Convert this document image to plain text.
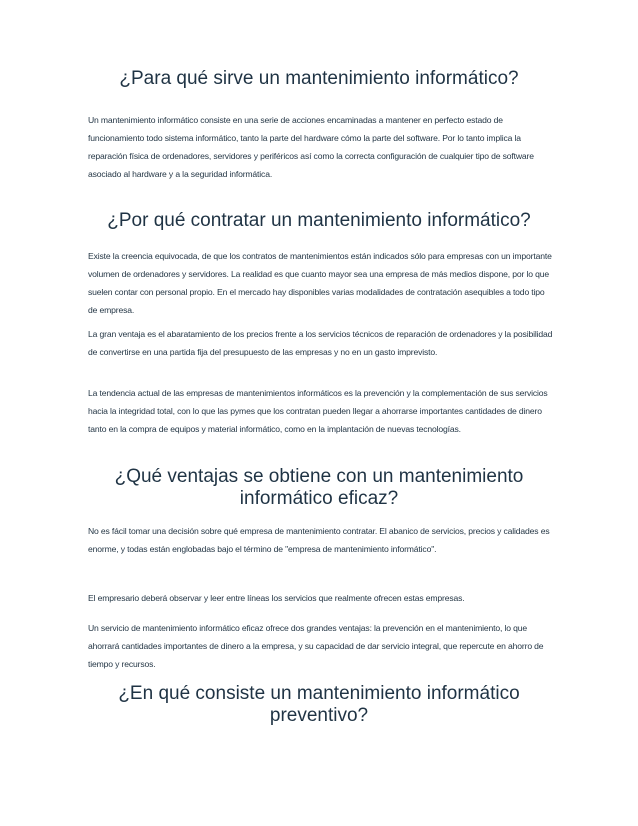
¿Para qué sirve un mantenimiento informático?

Un mantenimiento informático consiste en una serie de acciones encaminadas a mantener en perfecto estado de funcionamiento todo sistema informático, tanto la parte del hardware cómo la parte del software. Por lo tanto implica la reparación física de ordenadores, servidores y periféricos así como la correcta configuración de cualquier tipo de software asociado al hardware y a la seguridad informática.

¿Por qué contratar un mantenimiento informático?

Existe la creencia equivocada, de que los contratos de mantenimientos están indicados sólo para empresas con un importante volumen de ordenadores y servidores. La realidad es que cuanto mayor sea una empresa de más medios dispone, por lo que suelen contar con personal propio. En el mercado hay disponibles varias modalidades de contratación asequibles a todo tipo de empresa.

La gran ventaja es el abaratamiento de los precios frente a los servicios técnicos de reparación de ordenadores y la posibilidad de convertirse en una partida fija del presupuesto de las empresas y no en un gasto imprevisto.

La tendencia actual de las empresas de mantenimientos informáticos es la prevención y la complementación de sus servicios hacia la integridad total, con lo que las pymes que los contratan pueden llegar a ahorrarse importantes cantidades de dinero tanto en la compra de equipos y material informático, como en la implantación de nuevas tecnologías.

¿Qué ventajas se obtiene con un mantenimiento informático eficaz?

No es fácil tomar una decisión sobre qué empresa de mantenimiento contratar. El abanico de servicios, precios y calidades es enorme, y todas están englobadas bajo el término de "empresa de mantenimiento informático".

El empresario deberá observar y leer entre líneas los servicios que realmente ofrecen estas empresas.

Un servicio de mantenimiento informático eficaz ofrece dos grandes ventajas: la prevención en el mantenimiento, lo que ahorrará cantidades importantes de dinero a la empresa, y su capacidad de dar servicio integral, que repercute en ahorro de tiempo y recursos.

¿En qué consiste un mantenimiento informático preventivo?
